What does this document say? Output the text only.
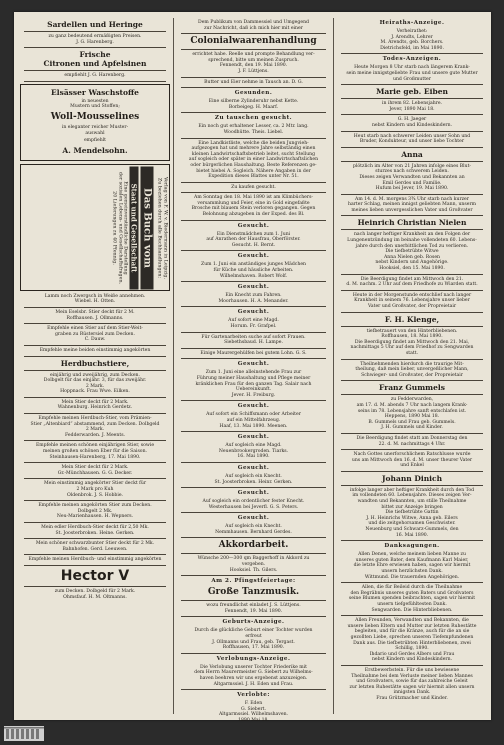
Sardellen und Heringe

zu ganz bedeutend ermäßigten Preisen.

J. G. Harenberg.

Frische

Citronen und Apfelsinen

empfiehlt J. G. Harenberg.

Elsässer Waschstoffe

in neuesten

Mustern und Stoffen;

Woll-Mousselines

in eleganter reicher Muster-

auswahl

empfiehlt

A. Mendelsohn.

Verlag von F. W. v. Biedermann in Leipzig.
Zu beziehen durch alle Buchhandlungen:
Das Buch vom
Staat und Gesellschaft
Eine gemeinverständliche Darstellung
der sozialen Lebens- und Gesellschaftsfragen.
20 Lieferungen zu 40 Pfennig.

Lamm noch Zwergsch in Weiße annehmen.

Wiebel. H. Otten.

Mein Eselsbr. Stier deckt für 2 M.

Roffhausen. J. Ollmanns.

Empfehle einen Stier auf dem Stier-Weit-

graben zu Rüstersiel zum Decken.

C. Dauw.

Empfehle meine beiden einstimmig angekörten

Herdbuchstiere,

einjährig und zweijährig, zum Decken.

Dolbgelt für das einjähr. 3, für das zweijähr.

2 Mark.

Hoppnack. Frau Wwe. Eilken.

Mein Stier deckt für 2 Mark.

Wahnenburg. Heinrich Gerdetz.

Empfehle meinen Herdbuch-Stier, vom Prämien-

Stier „Altenbiard“ abstammend, zum Decken. Dolbgeld

2 Mark.

Fedderwarden. J. Meents.

Empfehle meinen schönen einjährigen Stier, sowie

meinen großen schönen Eber für die Saison.

Steinhausen-Harenberg, 17. Mai 1890.

Mein Stier deckt für 2 Mark.

Gr.-Münchhausen. G. G. Decker.

Mein einstimmig angekörter Stier deckt für

2 Mark pro Kuh

Oldenbrok. J. S. Hobbie.

Empfehle meinen angekörten Stier zum Decken.

Dolbgelt 2 Mk.

Neu-Marienhausen. H. Wepners.

Mein edler Herdbuch-Stier deckt für 2,50 Mk.

St. Joosterbroken. Heine. Gerken.

Mein schöner schwarzbunter Stier deckt für 2 Mk.

Bahnhofen. Gerd. Leeuwen.

Empfehle meinen Herdbuch- und einstimmig angekörten

Hector V

zum Decken. Dolbgeld für 2 Mark.

Ohmsfauf. H. M. Oltmanns.

Dem Publikum von Dammessiel und Umgegend

zur Nachricht, daß ich mich hier mit einer

Colonialwaarenhandlung

errichtet habe. Reelle und prompte Behandlung ver-

sprechend, bitte um meinen Zuspruch.

Fennendt, den 19. Mai 1890.

J. F. Lüttjens.

Butter und Eier nehme in Tausch an. D. G.

Gesunden.

Eine silberne Zylinderuhr nebst Kette.

Borbeigeg. H. Maarf.

Zu tauschen gesucht.

Ein noch gut erhaltener Lesser, ca. 2 Mtr. lang.

Woodhütte. Theis. Liebel.

Eine Landkistliste, welche die beiden Jungvieh-

aufgezogen hat und mehrere Jahre selbständig einen

kleinen Landwirtschaftsbetrieb leitet, sucht Stellung

auf sogleich oder später in einer Landwirtschaftslichen

oder bürgerlichen Haushaltung. Beste Referenzen ge-

bietet hiebei A. Sogleich. Nähere Angaben in der

Expedition dieses Blattes unter Nr. 51.

Zu kaufen gesucht.

Am Sonntag den 18. Mai 1890 ist am Klimbüchers-

versammlung und Feier, eine in Gold eingefaßte

Brosche mit blauem Stein verloren gegangen. Gegen

Belohnung abzugeben in der Exped. des Bl.

Gesucht.

Ein Dienstmädchen zum 1. Juni

auf Anrathen der Hausfrau, Oberförster.

Gesucht. H. Bernt.

Gesucht.

Zum 1. Juni ein anständiges junges Mädchen

für Küche und häusliche Arbeiten.

Wilhelmshaven. Robert Wolf.

Gesucht.

Ein Knecht zum Fahren.

Moorhausen. H. A. Menander.

Gesucht.

Auf sofort eine Magd.

Horum. Fr. Grafpel.

Für Gartenarbeiten suche auf sofort Frauen.

Siebethsbaud. H. Lampe.

Einige Maurergehülfen bei gutem Lohn. G. S.

Gesucht.

Zum 1. Juni eine alleinstehende Frau zur

Führung meiner Haushaltung und Pflege meiner

kränklichen Frau für den ganzen Tag. Salair nach

Uebereinkunft.

Jever. H. Freiburg.

Gesucht.

Auf sofort ein Schiffsmann oder Arbeiter

auf ein Mittelfahrzeug.

Haaf, 13. Mai 1890. Meenen.

Gesucht.

Auf sogleich eine Magd.

Neuenbrookergroden. Tiarks.

16. Mai 1890.

Gesucht.

Auf sogleich ein Knecht.

St. Joosterbroken. Heinr. Gerken.

Gesucht.

Auf sogleich ein ordentlicher fester Knecht.

Westerhausen bei Jeverfl. G. S. Peters.

Gesucht.

Auf sogleich ein Knecht.

Nemmhausen. Bernhard Gerdes.

Akkordarbeit.

Wünsche 200—300 qm Baggerhoff in Akkord zu

vergeben.

Hooksiel. Th. Gilers.

Am 2. Pfingstfeiertage:

Große Tanzmusik.

wozu freundlichst einladet J. S. Lüttjens.

Fennendt, 19. Mai 1890.

Geburts-Anzeige.

Durch die glückliche Geburt einer Tochter wurden

erfreut

J. Ollmanns und Frau, geb. Tergast.

Roffhausen, 17. Mai 1890.

Verlobungs-Anzeige.

Die Verlobung unserer Tochter Friederike mit

dem Herrn Maurermeister G. Siebert zu Wilhelms-

haven beehren wir uns ergebenst anzuzeigen.

Altgarmssiel. J. H. Eden und Frau.

Verlobte:

F. Eden

G. Siebert.

Altgarmssiel. Wilhelmshaven.

1890 Mai 18.

Heiraths-Anzeige.

Verheirathet:

J. Arendts, Lehrer

M. Arendts, geb. Borchers.

Dietrichsfeld, im Mai 1890.

Todes-Anzeigen.

Heute Morgen 8 Uhr starb nach längerem Krank-

sein meine innigstgeliebte Frau und unsere gute Mutter

und Großmutter

Marie geb. Eiben

in ihrem 82. Lebensjahre.

Jever, 1890 Mai 18.

G. H. Jaeger

nebst Kindern und Kindeskindern.

Heut starb nach schwerer Leiden unser Sohn und

Bruder, Kondukteur, und unser liebe Tochter

Anna

plötzlich im Alter von 21 Jahren infolge eines Blut-

sturzes nach schwerem Leiden.

Dieses zeigen Verwandten und Bekannten an

Emil Gerdes und Familie.

Hufum bei Jever, 19. Mai 1890.

Am 14. d. M. morgens 3¾ Uhr starb nach kurzer

harter Schlag, meinen innigst geliebten Mann, unserm

meines lieben unvergesslichen Vater und Großvater

Heinrich Christian Nielen

nach langer heftiger Krankheit an den Folgen der

Lungenentzündung im beinahe vollendeten 60. Lebens-

jahre durch den unerbittlichen Tod zu verlieren.

Die tiefbetrübte Witwe

Anna Nielen geb. Rosen

nebst Kindern und Angehörige.

Hooksiel, den 15. Mai 1890.

Die Beerdigung findet am Mittwoch den 21.

d. M. nachm. 2 Uhr auf dem Friedhofe zu Wiarden statt.

Heute in der Morgenstunde entschlief nach langer

Krankheit in seinem 76. Lebensjahre unser lieber

Vater und Großvater, der Propreietair

F. H. Klenge,

tiefbetrauert von den Hinterbliebenen.

Roffhausen, 18. Mai 1890.

Die Beerdigung findet am Mittwoch den 21. Mai,

nachmittags 5 Uhr auf dem Friedhof zu Sengwarden

statt.

Theilnehmenden hierdurch die traurige Mit-

theilung, daß mein lieber, unvergeßlicher Mann,

Schwieger- und Großvater, der Propreietair

Franz Gummels

zu Fedderwarden,

am 17. d. M. abends 7 Uhr nach langem Krank-

seins im 78. Lebensjahre sanft entschlafen ist.

Heppens, 1890 Mai 18.

B. Gummels und Frau geb. Gummels.

J. H. Gummels und Kinder.

Die Beerdigung findet statt am Donnerstag den

22. d. M. nachmittags 4 Uhr.

Nach Gottes unerforschlichem Ratschlusse wurde

uns am Mittwoch den 16. d. M. unser theurer Vater

und Enkel

Johann Dinich

infolge langer aber heftiger Krankheit durch den Tod

im vollendeten 60. Lebensjahre. Dieses zeigen Ver-

wandten und Bekannten, um stille Theilnahme

bittet zur Anzeige bringen

Die tiefbetrübte Gattin

J. H. Heinrichs Witwe, Anna geb. Eilers

und die zeitgehorsamen Geschwister.

Neuenburg und Schwarz-Gummels, den

16. Mai 1890.

Danksagungen.

Allen Denen, welche meinem lieben Manne zu

unseres guten Bater, dem Kaufmann Karl Maier,

die letzte Ehre erwiesen haben, sagen wir hiermit

unsern herzlichsten Dank.

Wittmund. Die trauernden Angehörigen.

Allen, die für Beileid durch die Theilnahme

den Begräbnis unseres guten Baters und Großvaters

seine Blumen spenden beibrachten, sagen wir hiermit

unsern tiefgefühltesten Dank.

Sengwarden. Die Hinterbliebenen.

Allen Freunden, Verwandten und Bekannten, die

unsere lieben Eltern und Mutter zur letzten Ruhestätte

begleiten, und für die Kränze, auch für die an sie

gezollten Liebe, sprechen unseren Tiefempfundenen

Dank aus. Die tiefbetrübten Hinterbliebenen, zwei

Schillig, 1890.

Ihdario und Gerdes Albers und Frau

nebst Kindern und Kindeskindern.

Erstbewerbstein. Für die uns bewiesene

Theilnahme bei dem Verluste meiner lieben Mannes

und Großvaters, sowie für das zahlreiche Geleit

zur letzten Ruhestätte sagen wir hiermit allen unsern

innigsten Dank.

Frau Grützmacher und Kinder.
